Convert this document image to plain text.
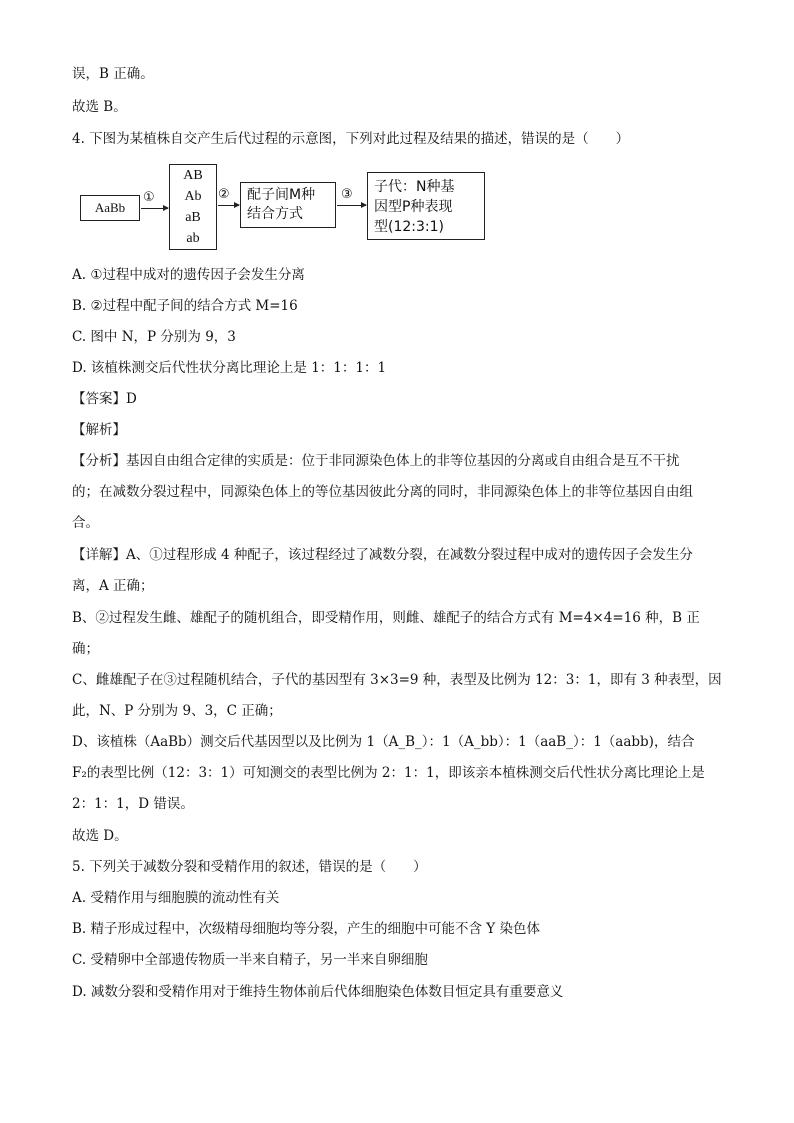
误，B 正确。
故选 B。
4. 下图为某植株自交产生后代过程的示意图，下列对此过程及结果的描述，错误的是（　　）
AaBb
①
AB
Ab
aB
ab
② 配子间M种
结合方式
③ 子代：N种基
因型P种表现
型(12:3:1)
A. ①过程中成对的遗传因子会发生分离
B. ②过程中配子间的结合方式 M=16
C. 图中 N，P 分别为 9，3
D. 该植株测交后代性状分离比理论上是 1：1：1：1
【答案】D
【解析】
【分析】基因自由组合定律的实质是：位于非同源染色体上的非等位基因的分离或自由组合是互不干扰
的；在减数分裂过程中，同源染色体上的等位基因彼此分离的同时，非同源染色体上的非等位基因自由组
合。
【详解】A、①过程形成 4 种配子，该过程经过了减数分裂，在减数分裂过程中成对的遗传因子会发生分
离，A 正确；
B、②过程发生雌、雄配子的随机组合，即受精作用，则雌、雄配子的结合方式有 M=4×4=16 种，B 正
确；
C、雌雄配子在③过程随机结合，子代的基因型有 3×3=9 种，表型及比例为 12：3：1，即有 3 种表型，因
此，N、P 分别为 9、3，C 正确；
D、该植株（AaBb）测交后代基因型以及比例为 1（A_B_）：1（A_bb）：1（aaB_）：1（aabb)，结合
F₂的表型比例（12：3：1）可知测交的表型比例为 2：1：1，即该亲本植株测交后代性状分离比理论上是
2：1：1，D 错误。
故选 D。
5. 下列关于减数分裂和受精作用的叙述，错误的是（　　）
A. 受精作用与细胞膜的流动性有关
B. 精子形成过程中，次级精母细胞均等分裂，产生的细胞中可能不含 Y 染色体
C. 受精卵中全部遗传物质一半来自精子，另一半来自卵细胞
D. 减数分裂和受精作用对于维持生物体前后代体细胞染色体数目恒定具有重要意义
